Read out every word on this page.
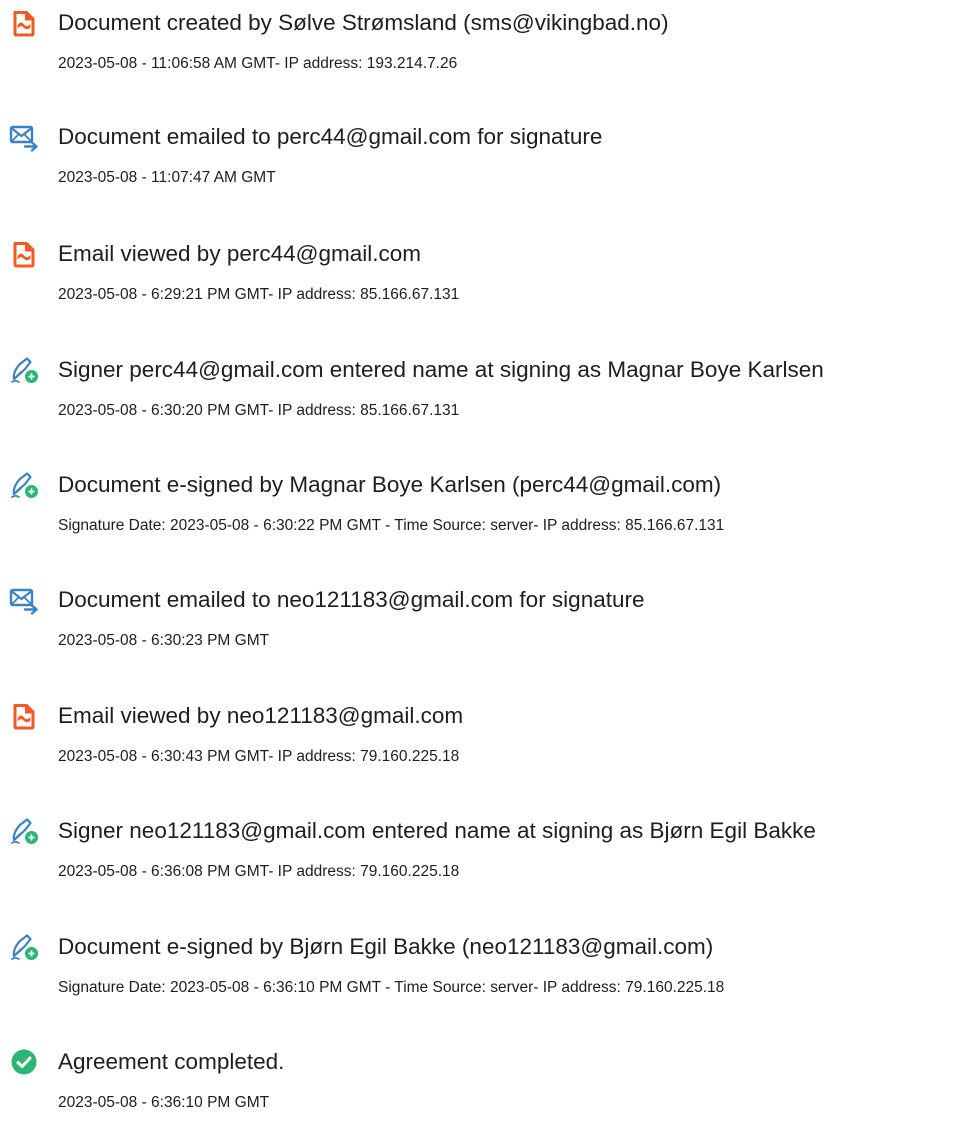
Document created by Sølve Strømsland (sms@vikingbad.no)
2023-05-08 - 11:06:58 AM GMT- IP address: 193.214.7.26
Document emailed to perc44@gmail.com for signature
2023-05-08 - 11:07:47 AM GMT
Email viewed by perc44@gmail.com
2023-05-08 - 6:29:21 PM GMT- IP address: 85.166.67.131
Signer perc44@gmail.com entered name at signing as Magnar Boye Karlsen
2023-05-08 - 6:30:20 PM GMT- IP address: 85.166.67.131
Document e-signed by Magnar Boye Karlsen (perc44@gmail.com)
Signature Date: 2023-05-08 - 6:30:22 PM GMT - Time Source: server- IP address: 85.166.67.131
Document emailed to neo121183@gmail.com for signature
2023-05-08 - 6:30:23 PM GMT
Email viewed by neo121183@gmail.com
2023-05-08 - 6:30:43 PM GMT- IP address: 79.160.225.18
Signer neo121183@gmail.com entered name at signing as Bjørn Egil Bakke
2023-05-08 - 6:36:08 PM GMT- IP address: 79.160.225.18
Document e-signed by Bjørn Egil Bakke (neo121183@gmail.com)
Signature Date: 2023-05-08 - 6:36:10 PM GMT - Time Source: server- IP address: 79.160.225.18
Agreement completed.
2023-05-08 - 6:36:10 PM GMT
